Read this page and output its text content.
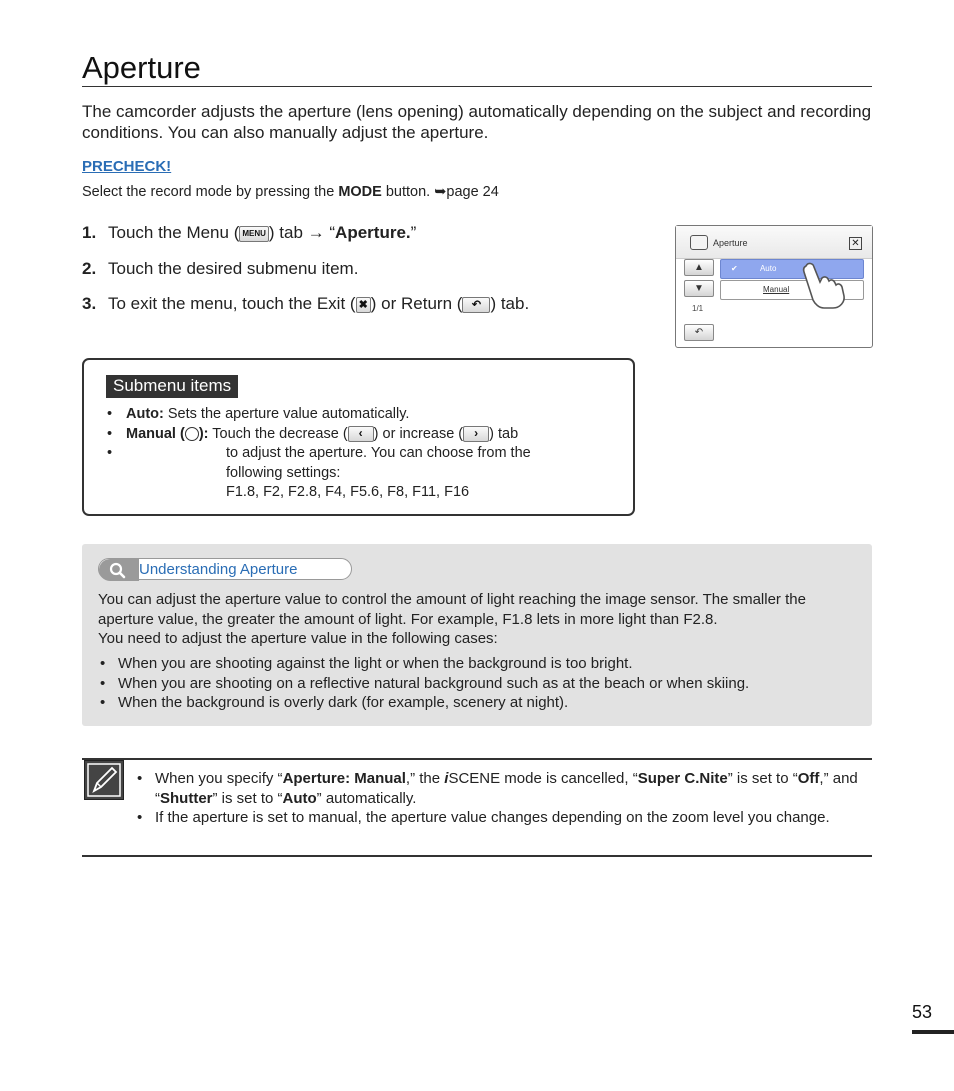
Aperture
The camcorder adjusts the aperture (lens opening) automatically depending on the subject and recording conditions. You can also manually adjust the aperture.
PRECHECK!
Select the record mode by pressing the MODE button. ➥page 24
1. Touch the Menu ( MENU ) tab → “Aperture.”
2. Touch the desired submenu item.
3. To exit the menu, touch the Exit ( ✖ ) or Return ( ↶ ) tab.
Aperture	✕
▲
▼
✔	Auto
Manual
1/1
↶
Submenu items
• Auto: Sets the aperture value automatically.
• Manual ( ): Touch the decrease ( ‹ ) or increase ( › ) tab
• to adjust the aperture. You can choose from the
following settings:
F1.8, F2, F2.8, F4, F5.6, F8, F11, F16
Understanding Aperture
You can adjust the aperture value to control the amount of light reaching the image sensor. The smaller the aperture value, the greater the amount of light. For example, F1.8 lets in more light than F2.8.
You need to adjust the aperture value in the following cases:
• When you are shooting against the light or when the background is too bright.
• When you are shooting on a reflective natural background such as at the beach or when skiing.
• When the background is overly dark (for example, scenery at night).
• When you specify “Aperture: Manual,” the iSCENE mode is cancelled, “Super C.Nite” is set to “Off,” and “Shutter” is set to “Auto” automatically.
• If the aperture is set to manual, the aperture value changes depending on the zoom level you change.
53
